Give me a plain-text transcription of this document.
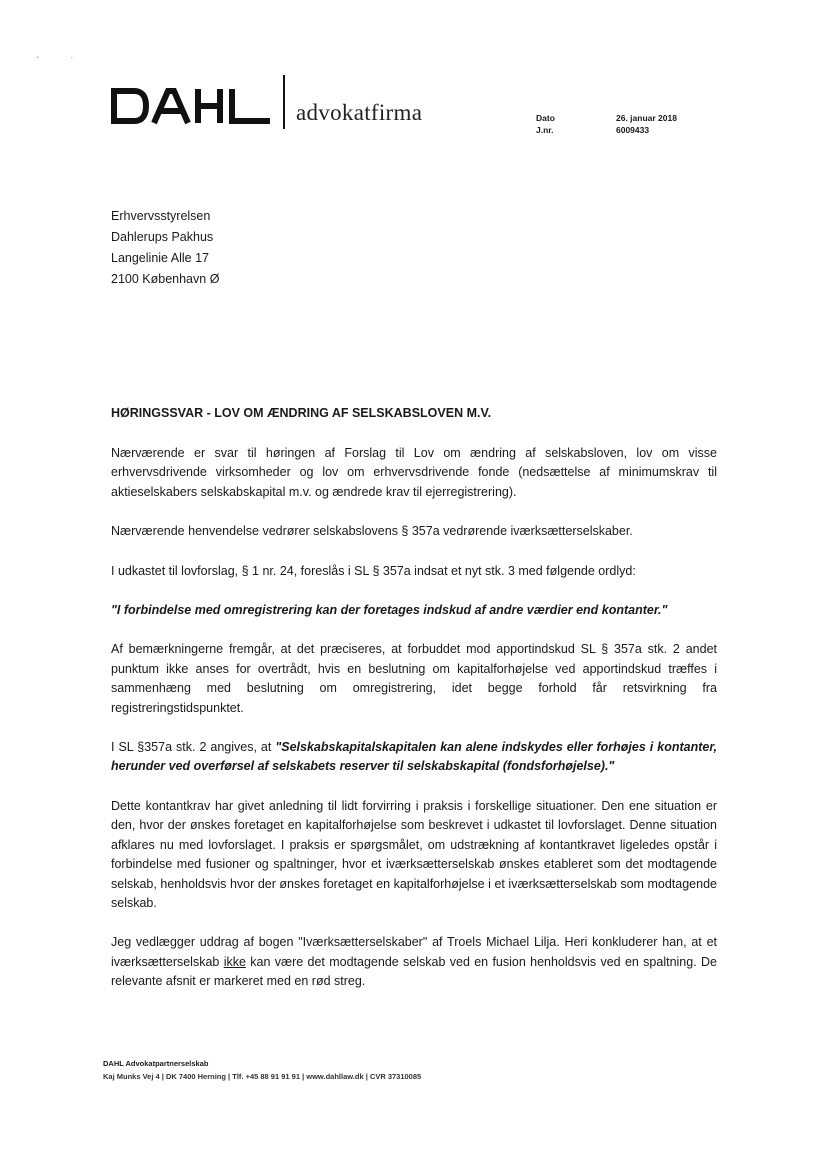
- ·
advokatfirma	Dato	26. januar 2018
J.nr.	6009433
Erhvervsstyrelsen
Dahlerups Pakhus
Langelinie Alle 17
2100 København Ø
HØRINGSSVAR - LOV OM ÆNDRING AF SELSKABSLOVEN M.V.

Nærværende er svar til høringen af Forslag til Lov om ændring af selskabsloven, lov om visse erhvervsdrivende virksomheder og lov om erhvervsdrivende fonde (nedsættelse af minimumskrav til aktieselskabers selskabskapital m.v. og ændrede krav til ejerregistrering).

Nærværende henvendelse vedrører selskabslovens § 357a vedrørende iværksætterselskaber.

I udkastet til lovforslag, § 1 nr. 24, foreslås i SL § 357a indsat et nyt stk. 3 med følgende ordlyd:

"I forbindelse med omregistrering kan der foretages indskud af andre værdier end kontanter."

Af bemærkningerne fremgår, at det præciseres, at forbuddet mod apportindskud SL § 357a stk. 2 andet punktum ikke anses for overtrådt, hvis en beslutning om kapitalforhøjelse ved apportindskud træffes i sammenhæng med beslutning om omregistrering, idet begge forhold får retsvirkning fra registreringstidspunktet.

I SL §357a stk. 2 angives, at "Selskabskapitalskapitalen kan alene indskydes eller forhøjes i kontanter, herunder ved overførsel af selskabets reserver til selskabskapital (fondsforhøjelse)."

Dette kontantkrav har givet anledning til lidt forvirring i praksis i forskellige situationer. Den ene situation er den, hvor der ønskes foretaget en kapitalforhøjelse som beskrevet i udkastet til lovforslaget. Denne situation afklares nu med lovforslaget. I praksis er spørgsmålet, om udstrækning af kontantkravet ligeledes opstår i forbindelse med fusioner og spaltninger, hvor et iværksætterselskab ønskes etableret som det modtagende selskab, henholdsvis hvor der ønskes foretaget en kapitalforhøjelse i et iværksætterselskab som modtagende selskab.

Jeg vedlægger uddrag af bogen "Iværksætterselskaber" af Troels Michael Lilja. Heri konkluderer han, at et iværksætterselskab ikke kan være det modtagende selskab ved en fusion henholdsvis ved en spaltning. De relevante afsnit er markeret med en rød streg.

DAHL Advokatpartnerselskab
Kaj Munks Vej 4 | DK 7400 Herning | Tlf. +45 88 91 91 91 | www.dahllaw.dk | CVR 37310085
